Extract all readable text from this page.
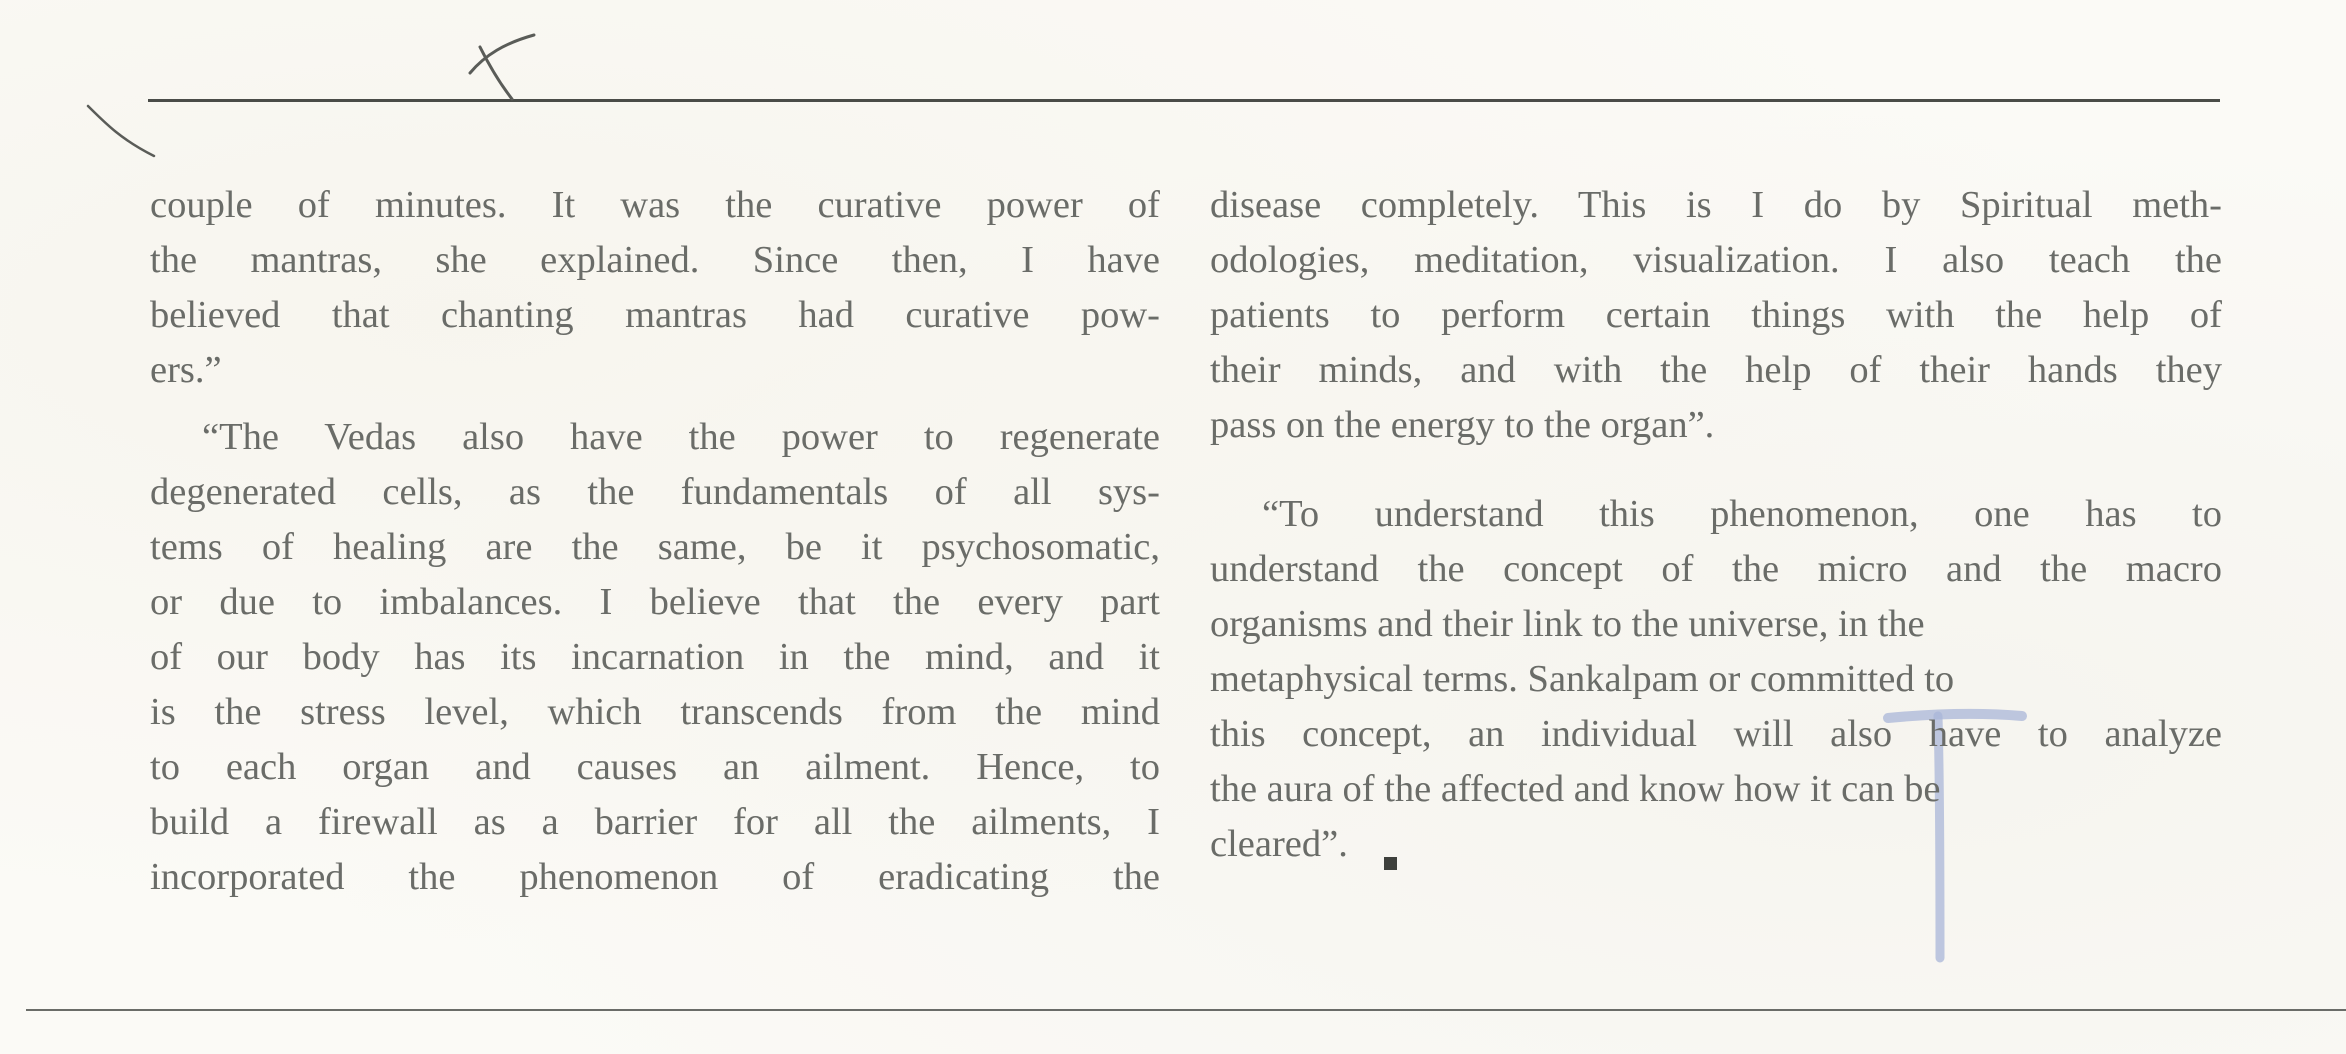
couple of minutes. It was the curative power of
the mantras, she explained. Since then, I have
believed that chanting mantras had curative pow-
ers.”
“The Vedas also have the power to regenerate
degenerated cells, as the fundamentals of all sys-
tems of healing are the same, be it psychosomatic,
or due to imbalances. I believe that the every part
of our body has its incarnation in the mind, and it
is the stress level, which transcends from the mind
to each organ and causes an ailment. Hence, to
build a firewall as a barrier for all the ailments, I
incorporated the phenomenon of eradicating the
disease completely. This is I do by Spiritual meth-
odologies, meditation, visualization. I also teach the
patients to perform certain things with the help of
their minds, and with the help of their hands they
pass on the energy to the organ”.
“To understand this phenomenon, one has to
understand the concept of the micro and the macro
organisms and their link to the universe, in the
metaphysical terms. Sankalpam or committed to
this concept, an individual will also have to analyze
the aura of the affected and know how it can be
cleared”.
